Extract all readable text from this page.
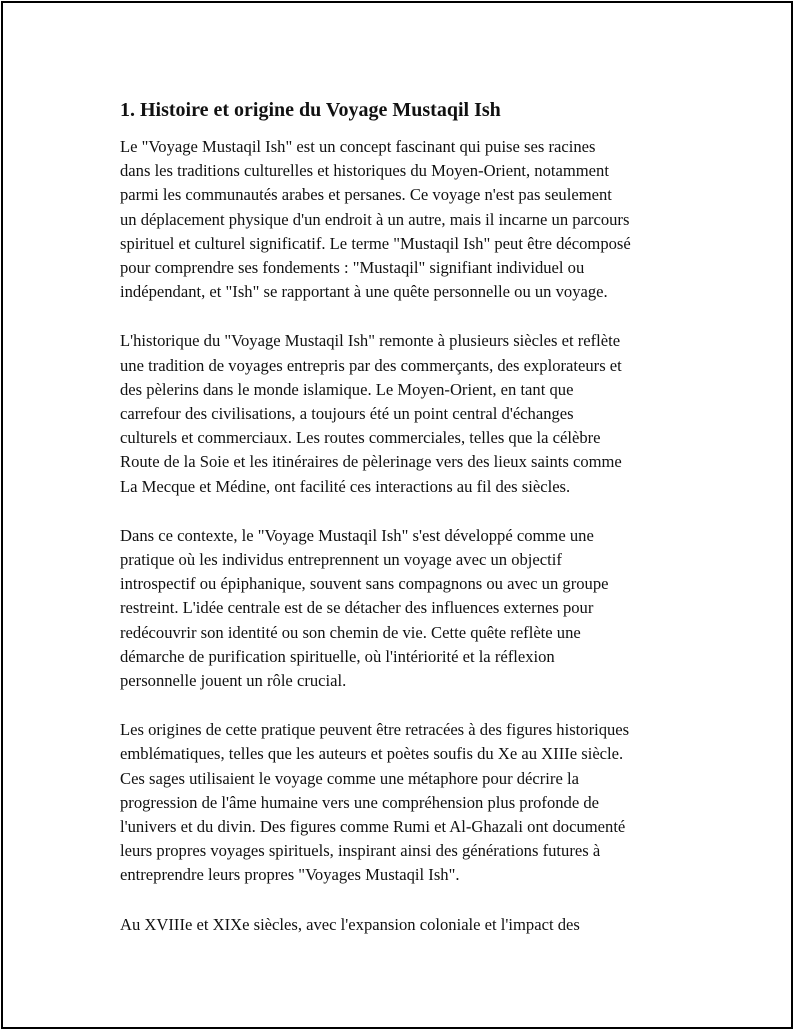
1. Histoire et origine du Voyage Mustaqil Ish

Le "Voyage Mustaqil Ish" est un concept fascinant qui puise ses racines
dans les traditions culturelles et historiques du Moyen-Orient, notamment
parmi les communautés arabes et persanes. Ce voyage n'est pas seulement
un déplacement physique d'un endroit à un autre, mais il incarne un parcours
spirituel et culturel significatif. Le terme "Mustaqil Ish" peut être décomposé
pour comprendre ses fondements : "Mustaqil" signifiant individuel ou
indépendant, et "Ish" se rapportant à une quête personnelle ou un voyage.

L'historique du "Voyage Mustaqil Ish" remonte à plusieurs siècles et reflète
une tradition de voyages entrepris par des commerçants, des explorateurs et
des pèlerins dans le monde islamique. Le Moyen-Orient, en tant que
carrefour des civilisations, a toujours été un point central d'échanges
culturels et commerciaux. Les routes commerciales, telles que la célèbre
Route de la Soie et les itinéraires de pèlerinage vers des lieux saints comme
La Mecque et Médine, ont facilité ces interactions au fil des siècles.

Dans ce contexte, le "Voyage Mustaqil Ish" s'est développé comme une
pratique où les individus entreprennent un voyage avec un objectif
introspectif ou épiphanique, souvent sans compagnons ou avec un groupe
restreint. L'idée centrale est de se détacher des influences externes pour
redécouvrir son identité ou son chemin de vie. Cette quête reflète une
démarche de purification spirituelle, où l'intériorité et la réflexion
personnelle jouent un rôle crucial.

Les origines de cette pratique peuvent être retracées à des figures historiques
emblématiques, telles que les auteurs et poètes soufis du Xe au XIIIe siècle.
Ces sages utilisaient le voyage comme une métaphore pour décrire la
progression de l'âme humaine vers une compréhension plus profonde de
l'univers et du divin. Des figures comme Rumi et Al-Ghazali ont documenté
leurs propres voyages spirituels, inspirant ainsi des générations futures à
entreprendre leurs propres "Voyages Mustaqil Ish".

Au XVIIIe et XIXe siècles, avec l'expansion coloniale et l'impact des
